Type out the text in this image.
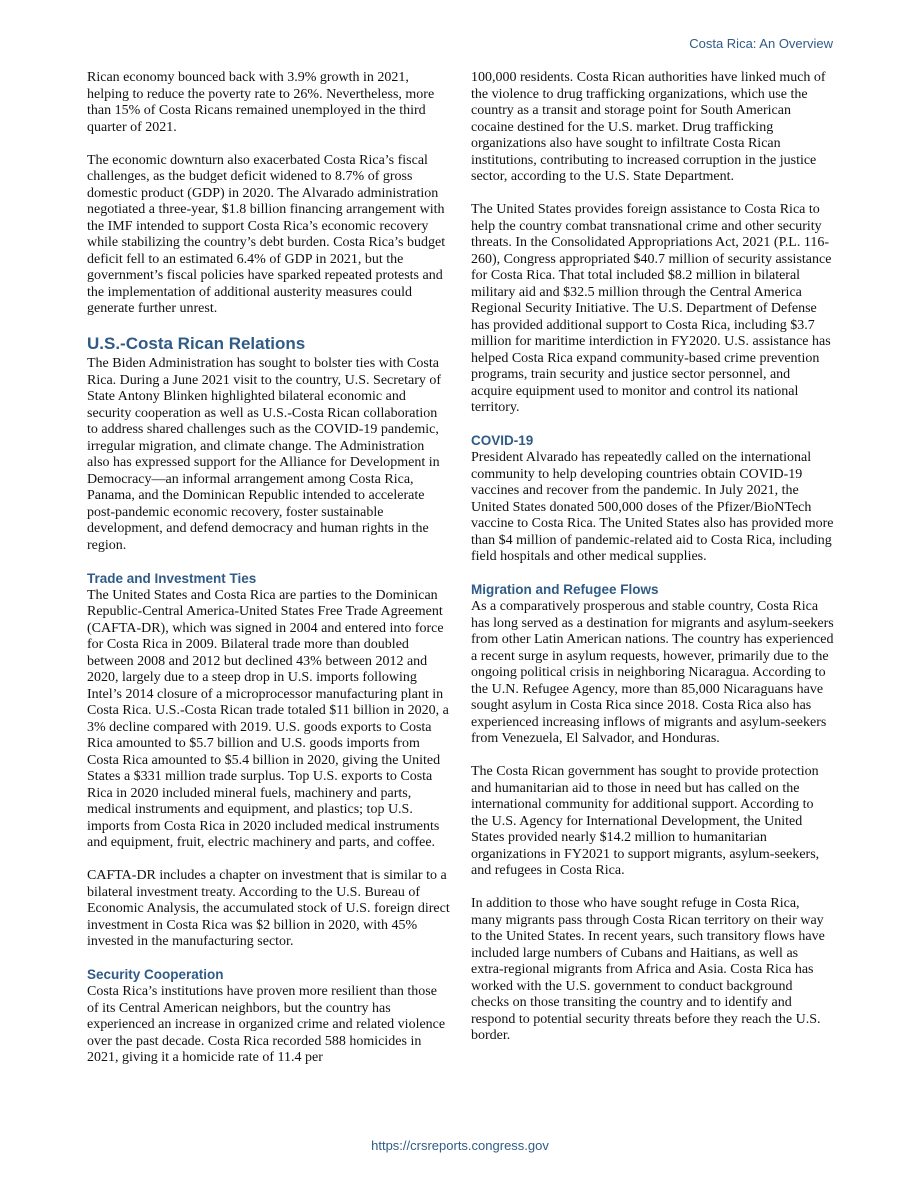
Costa Rica: An Overview

Rican economy bounced back with 3.9% growth in 2021, helping to reduce the poverty rate to 26%. Nevertheless, more than 15% of Costa Ricans remained unemployed in the third quarter of 2021.

The economic downturn also exacerbated Costa Rica’s fiscal challenges, as the budget deficit widened to 8.7% of gross domestic product (GDP) in 2020. The Alvarado administration negotiated a three-year, $1.8 billion financing arrangement with the IMF intended to support Costa Rica’s economic recovery while stabilizing the country’s debt burden. Costa Rica’s budget deficit fell to an estimated 6.4% of GDP in 2021, but the government’s fiscal policies have sparked repeated protests and the implementation of additional austerity measures could generate further unrest.

U.S.-Costa Rican Relations

The Biden Administration has sought to bolster ties with Costa Rica. During a June 2021 visit to the country, U.S. Secretary of State Antony Blinken highlighted bilateral economic and security cooperation as well as U.S.-Costa Rican collaboration to address shared challenges such as the COVID-19 pandemic, irregular migration, and climate change. The Administration also has expressed support for the Alliance for Development in Democracy—an informal arrangement among Costa Rica, Panama, and the Dominican Republic intended to accelerate post-pandemic economic recovery, foster sustainable development, and defend democracy and human rights in the region.

Trade and Investment Ties

The United States and Costa Rica are parties to the Dominican Republic-Central America-United States Free Trade Agreement (CAFTA-DR), which was signed in 2004 and entered into force for Costa Rica in 2009. Bilateral trade more than doubled between 2008 and 2012 but declined 43% between 2012 and 2020, largely due to a steep drop in U.S. imports following Intel’s 2014 closure of a microprocessor manufacturing plant in Costa Rica. U.S.-Costa Rican trade totaled $11 billion in 2020, a 3% decline compared with 2019. U.S. goods exports to Costa Rica amounted to $5.7 billion and U.S. goods imports from Costa Rica amounted to $5.4 billion in 2020, giving the United States a $331 million trade surplus. Top U.S. exports to Costa Rica in 2020 included mineral fuels, machinery and parts, medical instruments and equipment, and plastics; top U.S. imports from Costa Rica in 2020 included medical instruments and equipment, fruit, electric machinery and parts, and coffee.

CAFTA-DR includes a chapter on investment that is similar to a bilateral investment treaty. According to the U.S. Bureau of Economic Analysis, the accumulated stock of U.S. foreign direct investment in Costa Rica was $2 billion in 2020, with 45% invested in the manufacturing sector.

Security Cooperation

Costa Rica’s institutions have proven more resilient than those of its Central American neighbors, but the country has experienced an increase in organized crime and related violence over the past decade. Costa Rica recorded 588 homicides in 2021, giving it a homicide rate of 11.4 per

100,000 residents. Costa Rican authorities have linked much of the violence to drug trafficking organizations, which use the country as a transit and storage point for South American cocaine destined for the U.S. market. Drug trafficking organizations also have sought to infiltrate Costa Rican institutions, contributing to increased corruption in the justice sector, according to the U.S. State Department.

The United States provides foreign assistance to Costa Rica to help the country combat transnational crime and other security threats. In the Consolidated Appropriations Act, 2021 (P.L. 116-260), Congress appropriated $40.7 million of security assistance for Costa Rica. That total included $8.2 million in bilateral military aid and $32.5 million through the Central America Regional Security Initiative. The U.S. Department of Defense has provided additional support to Costa Rica, including $3.7 million for maritime interdiction in FY2020. U.S. assistance has helped Costa Rica expand community-based crime prevention programs, train security and justice sector personnel, and acquire equipment used to monitor and control its national territory.

COVID-19

President Alvarado has repeatedly called on the international community to help developing countries obtain COVID-19 vaccines and recover from the pandemic. In July 2021, the United States donated 500,000 doses of the Pfizer/BioNTech vaccine to Costa Rica. The United States also has provided more than $4 million of pandemic-related aid to Costa Rica, including field hospitals and other medical supplies.

Migration and Refugee Flows

As a comparatively prosperous and stable country, Costa Rica has long served as a destination for migrants and asylum-seekers from other Latin American nations. The country has experienced a recent surge in asylum requests, however, primarily due to the ongoing political crisis in neighboring Nicaragua. According to the U.N. Refugee Agency, more than 85,000 Nicaraguans have sought asylum in Costa Rica since 2018. Costa Rica also has experienced increasing inflows of migrants and asylum-seekers from Venezuela, El Salvador, and Honduras.

The Costa Rican government has sought to provide protection and humanitarian aid to those in need but has called on the international community for additional support. According to the U.S. Agency for International Development, the United States provided nearly $14.2 million to humanitarian organizations in FY2021 to support migrants, asylum-seekers, and refugees in Costa Rica.

In addition to those who have sought refuge in Costa Rica, many migrants pass through Costa Rican territory on their way to the United States. In recent years, such transitory flows have included large numbers of Cubans and Haitians, as well as extra-regional migrants from Africa and Asia. Costa Rica has worked with the U.S. government to conduct background checks on those transiting the country and to identify and respond to potential security threats before they reach the U.S. border.

https://crsreports.congress.gov
